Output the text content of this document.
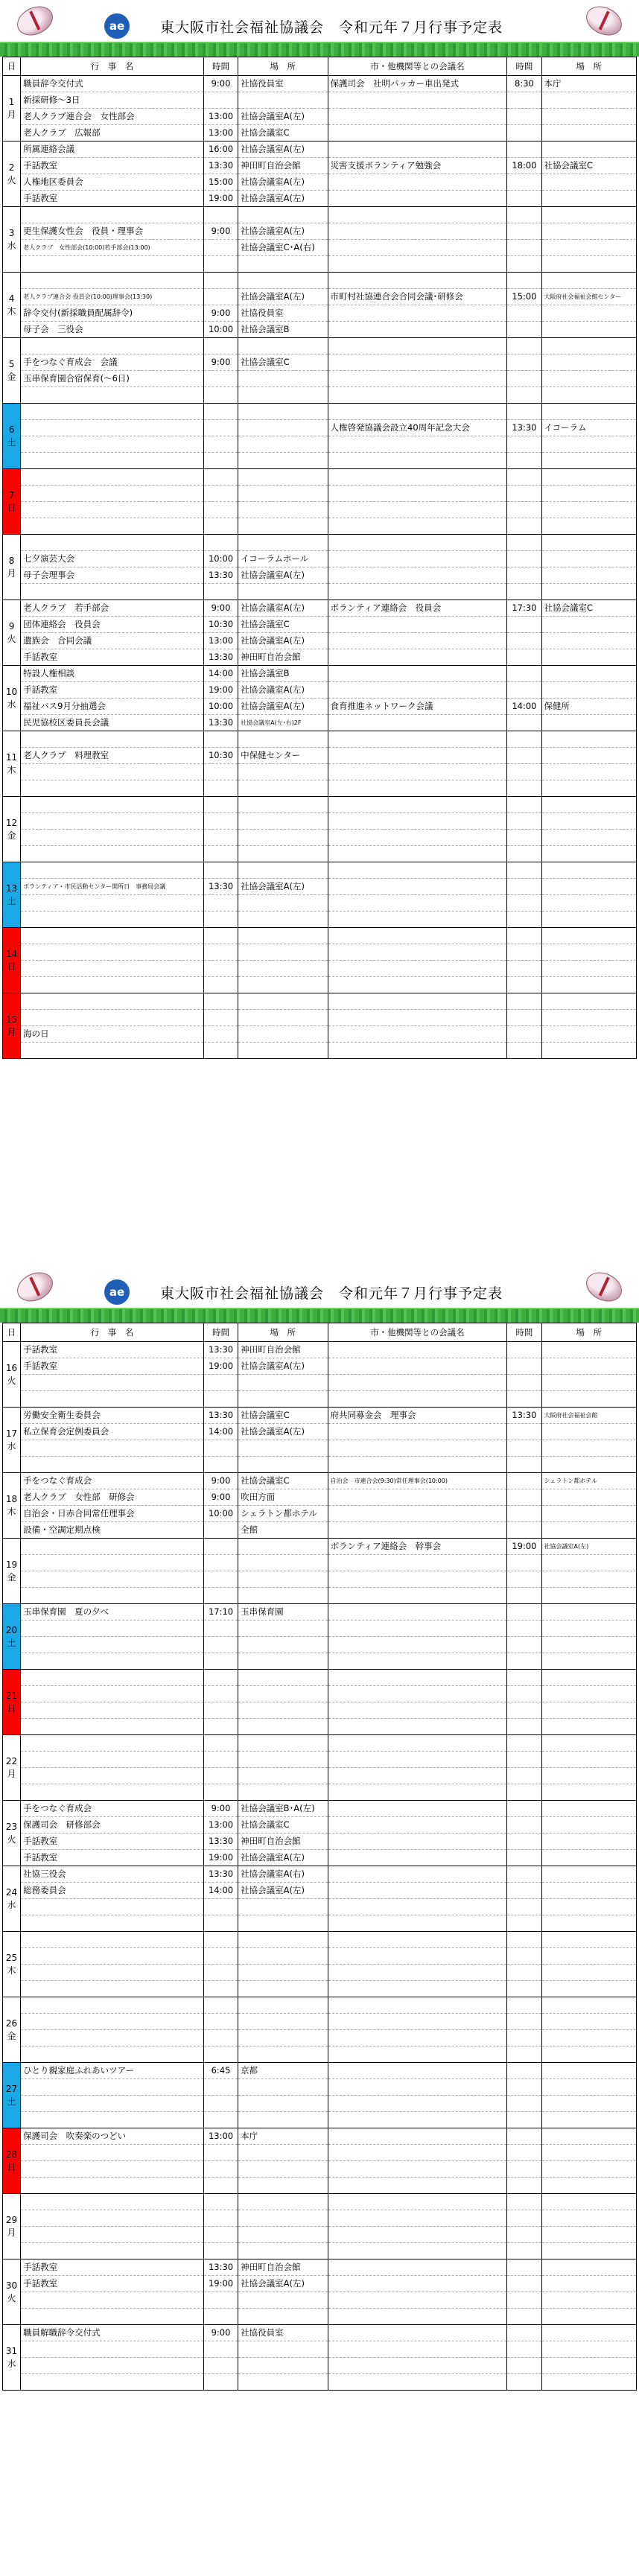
ae	東大阪市社会福祉協議会　令和元年７月行事予定表
日	行　事　名	時間	場　所	市・他機関等との会議名	時間	場　所

1
月	職員辞令交付式	9:00	社協役員室	保護司会　社明パッカー車出発式	8:30	本庁
	新採研修～3日					
	老人クラブ連合会　女性部会	13:00	社協会議室A(左)			
	老人クラブ　広報部	13:00	社協会議室C			

2
火	所属連絡会議	16:00	社協会議室A(左)			
	手話教室	13:30	神田町自治会館	災害支援ボランティア勉強会	18:00	社協会議室C
	人権地区委員会	15:00	社協会議室A(左)			
	手話教室	19:00	社協会議室A(左)			

3
水						

	更生保護女性会　役員・理事会	9:00	社協会議室A(左)			
	老人クラブ　女性部会(10:00)若手部会(13:00)		社協会議室C･A(右)			

4
木						

	老人クラブ連合会 役員会(10:00)理事会(13:30)		社協会議室A(左)	市町村社協連合会合同会議･研修会	15:00	大阪府社会福祉会館センター
	辞令交付(新採職員配属辞令)	9:00	社協役員室			
	母子会　三役会	10:00	社協会議室B			

5
金						

	手をつなぐ育成会　会議	9:00	社協会議室C			
	玉串保育園合宿保育(～6日)					

6
土						

				人権啓発協議会設立40周年記念大会	13:30	イコーラム

7
日						

8
月						

	七夕演芸大会	10:00	イコーラムホール			
	母子会理事会	13:30	社協会議室A(左)			

9
火	老人クラブ　若手部会	9:00	社協会議室A(左)	ボランティア連絡会　役員会	17:30	社協会議室C
	団体連絡会　役員会	10:30	社協会議室C			
	遺族会　合同会議	13:00	社協会議室A(左)			
	手話教室	13:30	神田町自治会館			

10
水	特設人権相談	14:00	社協会議室B			
	手話教室	19:00	社協会議室A(左)			
	福祉バス9月分抽選会	10:00	社協会議室A(左)	食育推進ネットワーク会議	14:00	保健所
	民児協校区委員長会議	13:30	社協会議室A(左･右)2F			

11
木						

	老人クラブ　料理教室	10:30	中保健センター			

12
金						

13
土						

	ボランティア・市民活動センター開所日　事務局会議	13:30	社協会議室A(左)			

14
日						

15
月						

	海の日					

ae	東大阪市社会福祉協議会　令和元年７月行事予定表
日	行　事　名	時間	場　所	市・他機関等との会議名	時間	場　所

16
火	手話教室	13:30	神田町自治会館			
	手話教室	19:00	社協会議室A(左)			

17
水	労働安全衛生委員会	13:30	社協会議室C	府共同募金会　理事会	13:30	大阪府社会福祉会館
	私立保育会定例委員会	14:00	社協会議室A(左)			

18
木	手をつなぐ育成会	9:00	社協会議室C	自治会　市連合会(9:30)常任理事会(10:00)		シェラトン都ホテル
	老人クラブ　女性部　研修会	9:00	吹田方面			
	自治会・日赤合同常任理事会	10:00	シェラトン都ホテル			
	設備・空調定期点検		全館			

19
金				ボランティア連絡会　幹事会	19:00	社協会議室A(左)

20
土	玉串保育園　夏の夕べ	17:10	玉串保育園			

21
日						

22
月						

23
火	手をつなぐ育成会	9:00	社協会議室B･A(左)			
	保護司会　研修部会	13:00	社協会議室C			
	手話教室	13:30	神田町自治会館			
	手話教室	19:00	社協会議室A(左)			

24
水	社協三役会	13:30	社協会議室A(右)			
	総務委員会	14:00	社協会議室A(左)			

25
木						

26
金						

27
土	ひとり親家庭ふれあいツアー	6:45	京都			

28
日	保護司会　吹奏楽のつどい	13:00	本庁			

29
月						

30
火	手話教室	13:30	神田町自治会館			
	手話教室	19:00	社協会議室A(左)			

31
水	職員解職辞令交付式	9:00	社協役員室			
